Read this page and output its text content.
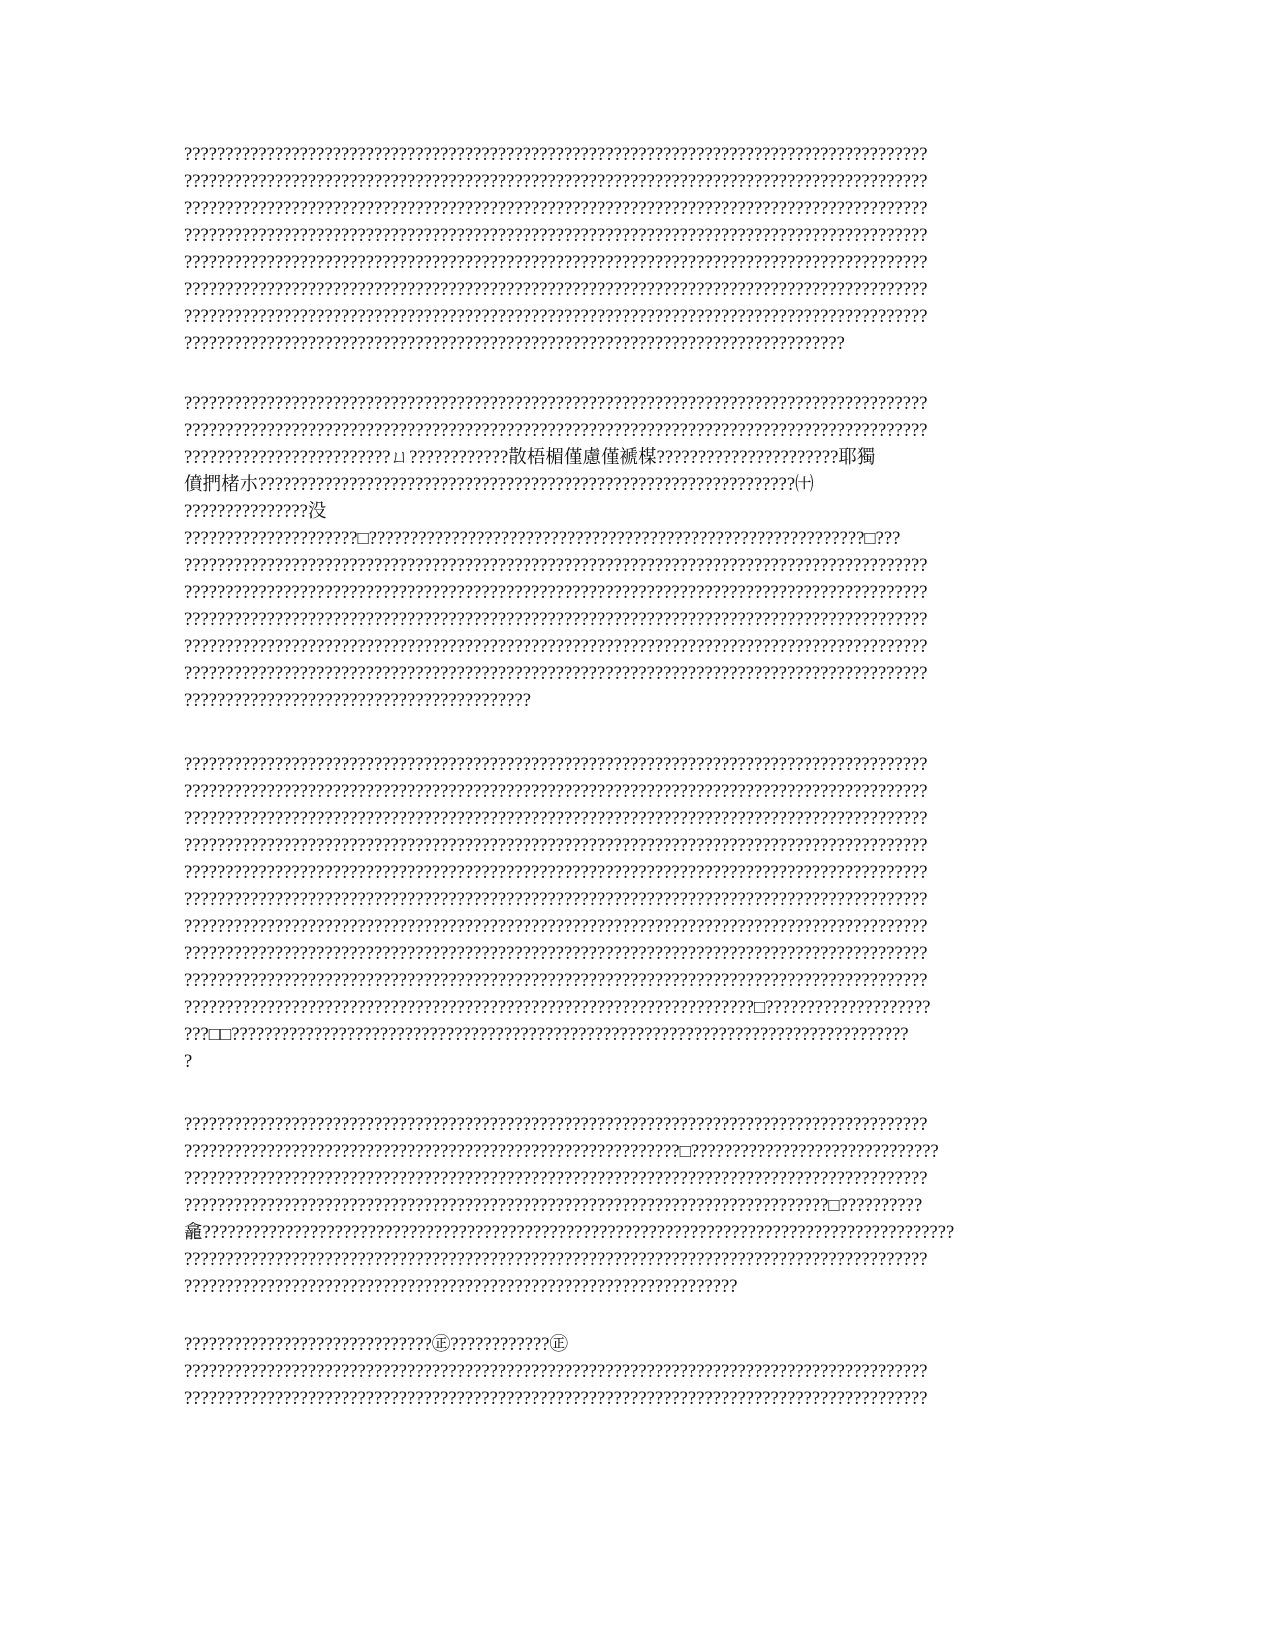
??????????????????????????????????????????????????????????????????????????????????????????
??????????????????????????????????????????????????????????????????????????????????????????
??????????????????????????????????????????????????????????????????????????????????????????
??????????????????????????????????????????????????????????????????????????????????????????
??????????????????????????????????????????????????????????????????????????????????????????
??????????????????????????????????????????????????????????????????????????????????????????
??????????????????????????????????????????????????????????????????????????????????????????
????????????????????????????????????????????????????????????????????????????????
??????????????????????????????????????????????????????????????????????????????????????????
??????????????????????????????????????????????????????????????????????????????????????????
?????????????????????????ㄩ????????????散梧楣僅慮僅褫楳??????????????????????耶獨
僨捫楮朩?????????????????????????????????????????????????????????????????㈩
???????????????没
?????????????????????□????????????????????????????????????????????????????????????□???
??????????????????????????????????????????????????????????????????????????????????????????
??????????????????????????????????????????????????????????????????????????????????????????
??????????????????????????????????????????????????????????????????????????????????????????
??????????????????????????????????????????????????????????????????????????????????????????
??????????????????????????????????????????????????????????????????????????????????????????
??????????????????????????????????????????
??????????????????????????????????????????????????????????????????????????????????????????
??????????????????????????????????????????????????????????????????????????????????????????
??????????????????????????????????????????????????????????????????????????????????????????
??????????????????????????????????????????????????????????????????????????????????????????
??????????????????????????????????????????????????????????????????????????????????????????
??????????????????????????????????????????????????????????????????????????????????????????
??????????????????????????????????????????????????????????????????????????????????????????
??????????????????????????????????????????????????????????????????????????????????????????
??????????????????????????????????????????????????????????????????????????????????????????
?????????????????????????????????????????????????????????????????????□????????????????????
???□□??????????????????????????????????????????????????????????????????????????????????
?
??????????????????????????????????????????????????????????????????????????????????????????
????????????????????????????????????????????????????????????□??????????????????????????????
??????????????????????????????????????????????????????????????????????????????????????????
??????????????????????????????????????????????????????????????????????????????□??????????
龕???????????????????????????????????????????????????????????????????????????????????????????
??????????????????????????????????????????????????????????????????????????????????????????
???????????????????????????????????????????????????????????????????
??????????????????????????????㊣????????????㊣
??????????????????????????????????????????????????????????????????????????????????????????
??????????????????????????????????????????????????????????????????????????????????????????
